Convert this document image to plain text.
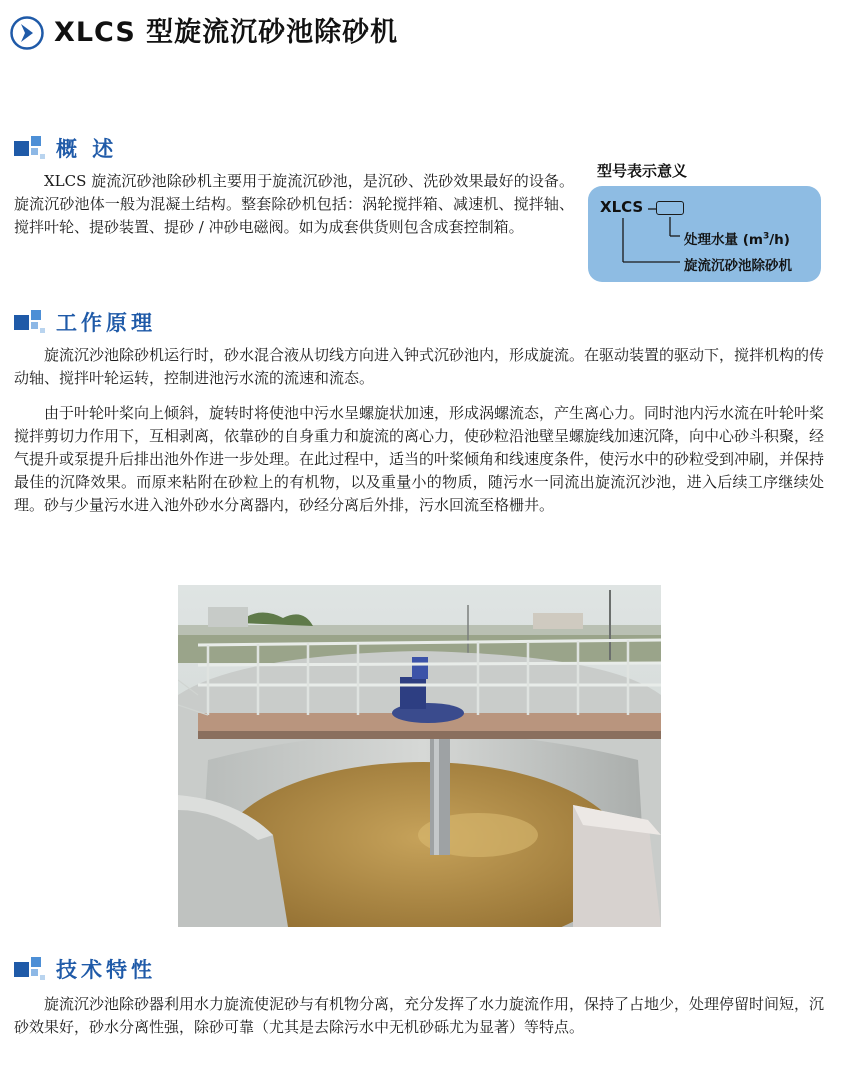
XLCS 型旋流沉砂池除砂机
概 述

XLCS 旋流沉砂池除砂机主要用于旋流沉砂池，是沉砂、洗砂效果最好的设备。旋流沉砂池体一般为混凝土结构。整套除砂机包括：涡轮搅拌箱、减速机、搅拌轴、搅拌叶轮、提砂装置、提砂 / 冲砂电磁阀。如为成套供货则包含成套控制箱。

型号表示意义
XLCS
处理水量 $(m^3/h)$
旋流沉砂池除砂机
工作原理

旋流沉沙池除砂机运行时，砂水混合液从切线方向进入钟式沉砂池内，形成旋流。在驱动装置的驱动下，搅拌机构的传动轴、搅拌叶轮运转，控制进池污水流的流速和流态。

由于叶轮叶桨向上倾斜，旋转时将使池中污水呈螺旋状加速，形成涡螺流态，产生离心力。同时池内污水流在叶轮叶桨搅拌剪切力作用下，互相剥离，依靠砂的自身重力和旋流的离心力，使砂粒沿池壁呈螺旋线加速沉降，向中心砂斗积聚，经气提升或泵提升后排出池外作进一步处理。在此过程中，适当的叶桨倾角和线速度条件，使污水中的砂粒受到冲刷，并保持最佳的沉降效果。而原来粘附在砂粒上的有机物，以及重量小的物质，随污水一同流出旋流沉沙池，进入后续工序继续处理。砂与少量污水进入池外砂水分离器内，砂经分离后外排，污水回流至格栅井。

技术特性

旋流沉沙池除砂器利用水力旋流使泥砂与有机物分离，充分发挥了水力旋流作用，保持了占地少，处理停留时间短，沉砂效果好，砂水分离性强，除砂可靠（尤其是去除污水中无机砂砾尤为显著）等特点。
